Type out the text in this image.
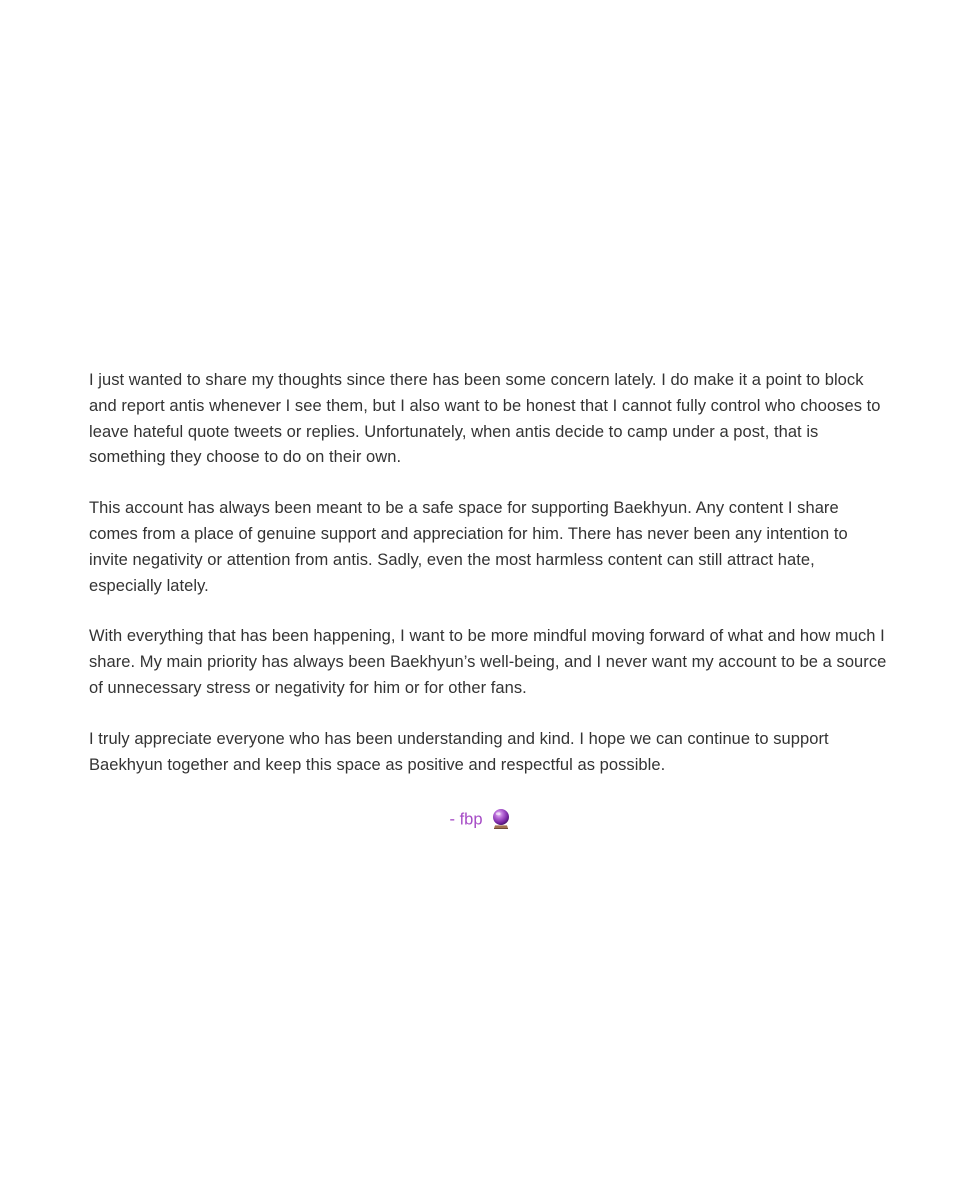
I just wanted to share my thoughts since there has been some concern lately. I do make it a point to block and report antis whenever I see them, but I also want to be honest that I cannot fully control who chooses to leave hateful quote tweets or replies. Unfortunately, when antis decide to camp under a post, that is something they choose to do on their own.

This account has always been meant to be a safe space for supporting Baekhyun. Any content I share comes from a place of genuine support and appreciation for him. There has never been any intention to invite negativity or attention from antis. Sadly, even the most harmless content can still attract hate, especially lately.

With everything that has been happening, I want to be more mindful moving forward of what and how much I share. My main priority has always been Baekhyun’s well-being, and I never want my account to be a source of unnecessary stress or negativity for him or for other fans.

I truly appreciate everyone who has been understanding and kind. I hope we can continue to support Baekhyun together and keep this space as positive and respectful as possible.

- fbp
